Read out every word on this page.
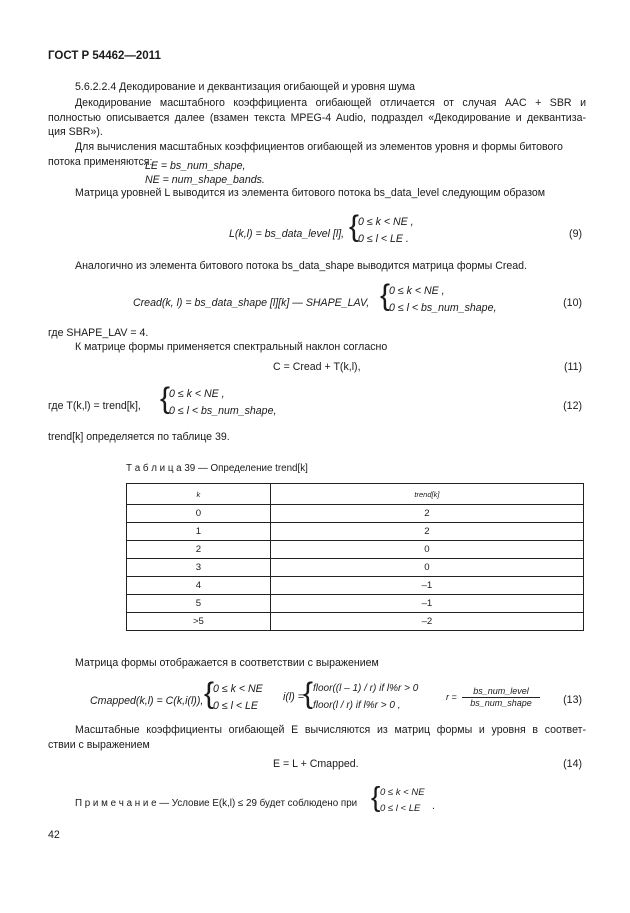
ГОСТ Р 54462—2011
5.6.2.2.4 Декодирование и деквантизация огибающей и уровня шума
Декодирование масштабного коэффициента огибающей отличается от случая AAC + SBR и
полностью описывается далее (взамен текста MPEG-4 Audio, подраздел «Декодирование и деквантиза-
ция SBR»).
Для вычисления масштабных коэффициентов огибающей из элементов уровня и формы битового
потока применяются:
LE = bs_num_shape,
NE = num_shape_bands.
Матрица уровней L выводится из элемента битового потока bs_data_level следующим образом
L(k,l) = bs_data_level [l], {
0 ≤ k < NE ,
0 ≤ l < LE .	(9)
Аналогично из элемента битового потока bs_data_shape выводится матрица формы Cread.
Cread(k, l) = bs_data_shape [l][k] — SHAPE_LAV, {
0 ≤ k < NE ,
0 ≤ l < bs_num_shape,	(10)
где SHAPE_LAV = 4.
К матрице формы применяется спектральный наклон согласно
C = Cread + T(k,l),	(11)
где T(k,l) = trend[k], {
0 ≤ k < NE ,
0 ≤ l < bs_num_shape,	(12)
trend[k] определяется по таблице 39.
Т а б л и ц а 39 — Определение trend[k]
k	trend[k]
0	2
1	2
2	0
3	0
4	–1
5	–1
>5	–2
Матрица формы отображается в соответствии с выражением
Cmapped(k,l) = C(k,i(l)), {
0 ≤ k < NE
0 ≤ l < LE
i(l) = { floor((l – 1) / r) if l%r > 0
floor(l / r) if l%r > 0 ,
r =
bs_num_level
bs_num_shape	(13)
Масштабные коэффициенты огибающей E вычисляются из матриц формы и уровня в соответ-
ствии с выражением
E = L + Cmapped.	(14)
П р и м е ч а н и е — Условие E(k,l) ≤ 29 будет соблюдено при { 0 ≤ k < NE
0 ≤ l < LE .
42
